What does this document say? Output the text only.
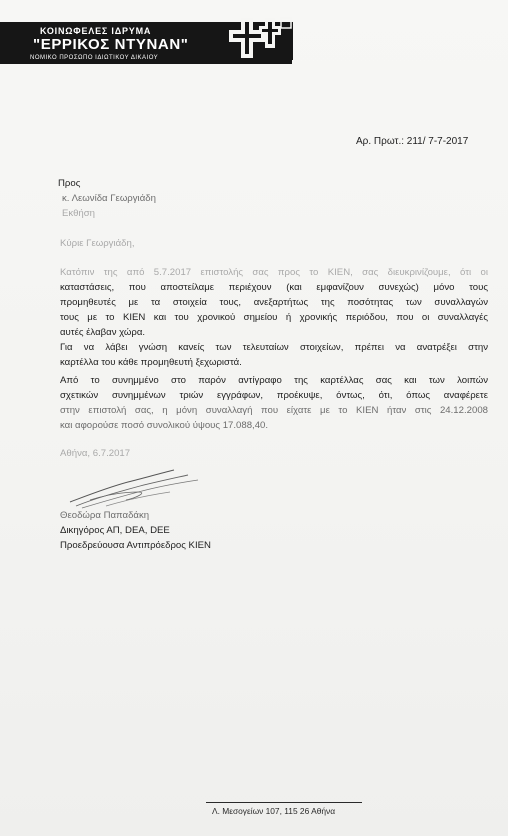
ΚΟΙΝΩΦΕΛΕΣ ΙΔΡΥΜΑ
"ΕΡΡΙΚΟΣ ΝΤΥΝΑΝ"
ΝΟΜΙΚΟ ΠΡΟΣΩΠΟ ΙΔΙΩΤΙΚΟΥ ΔΙΚΑΙΟΥ
Αρ. Πρωτ.: 211/ 7-7-2017
Προς
κ. Λεωνίδα Γεωργιάδη
Εκθήση
Κύριε Γεωργιάδη,
Κατόπιν της από 5.7.2017 επιστολής σας προς το ΚΙΕΝ, σας διευκρινίζουμε, ότι οι
καταστάσεις, που αποστείλαμε περιέχουν (και εμφανίζουν συνεχώς) μόνο τους
προμηθευτές με τα στοιχεία τους, ανεξαρτήτως της ποσότητας των συναλλαγών
τους με το ΚΙΕΝ και του χρονικού σημείου ή χρονικής περιόδου, που οι συναλλαγές
αυτές έλαβαν χώρα.
Για να λάβει γνώση κανείς των τελευταίων στοιχείων, πρέπει να ανατρέξει στην
καρτέλλα του κάθε προμηθευτή ξεχωριστά.
Από το συνημμένο στο παρόν αντίγραφο της καρτέλλας σας και των λοιπών
σχετικών συνημμένων τριών εγγράφων, προέκυψε, όντως, ότι, όπως αναφέρετε
στην επιστολή σας, η μόνη συναλλαγή που είχατε με το ΚΙΕΝ ήταν στις 24.12.2008
και αφορούσε ποσό συνολικού ύψους 17.088,40.
Αθήνα, 6.7.2017
Θεοδώρα Παπαδάκη
Δικηγόρος ΑΠ, DEA, DEE
Προεδρεύουσα Αντιπρόεδρος ΚΙΕΝ
Λ. Μεσογείων 107, 115 26 Αθήνα
